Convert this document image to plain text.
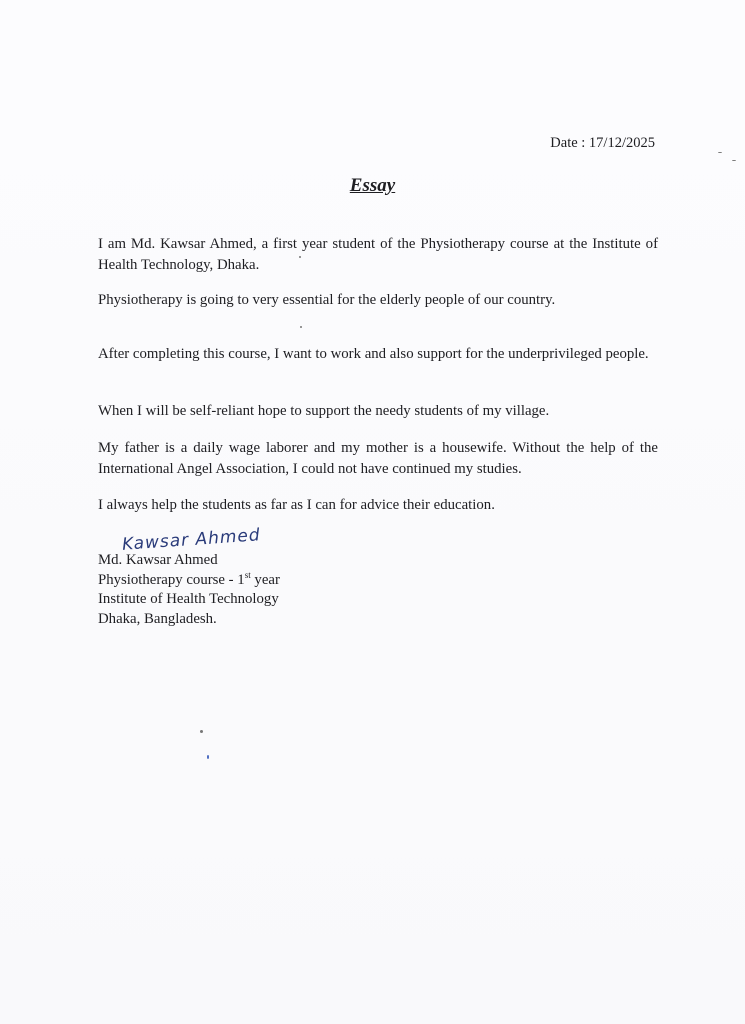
Date : 17/12/2025
Essay
I am Md. Kawsar Ahmed, a first year student of the Physiotherapy course at the Institute of Health Technology, Dhaka.
Physiotherapy is going to very essential for the elderly people of our country.
After completing this course, I want to work and also support for the underprivileged people.
When I will be self-reliant hope to support the needy students of my village.
My father is a daily wage laborer and my mother is a housewife. Without the help of the International Angel Association, I could not have continued my studies.
I always help the students as far as I can for advice their education.
Kawsar Ahmed
Md. Kawsar Ahmed
Physiotherapy course - 1st year
Institute of Health Technology
Dhaka, Bangladesh.
